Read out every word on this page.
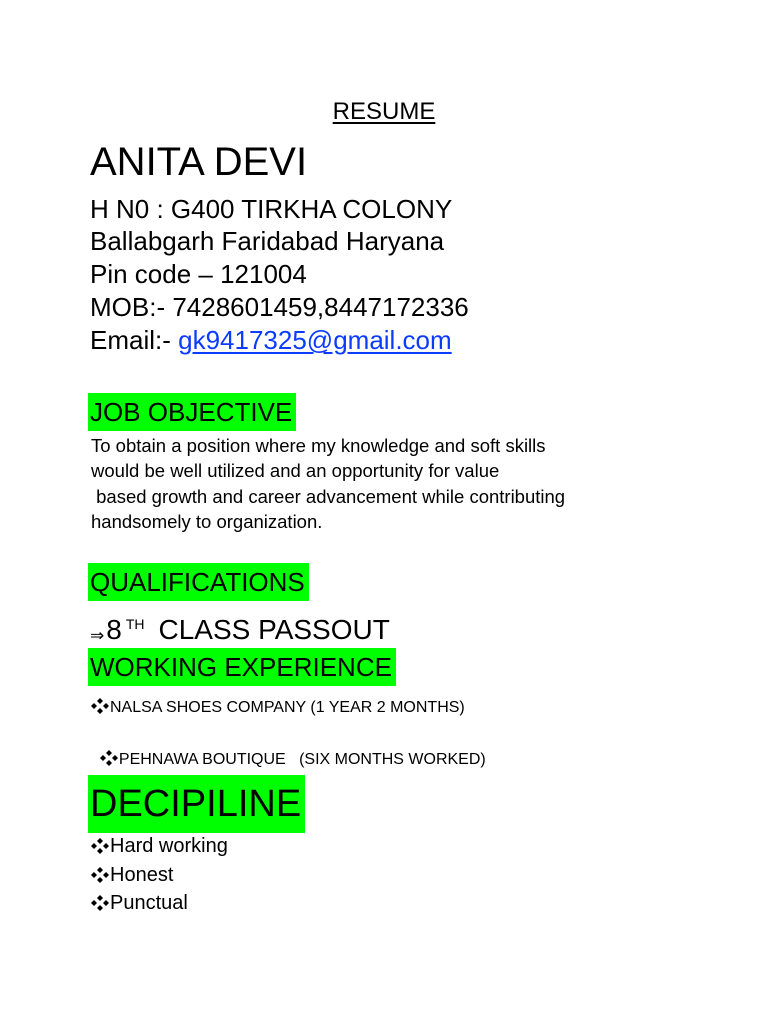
RESUME
ANITA DEVI
H N0 : G400 TIRKHA COLONY
Ballabgarh Faridabad Haryana
Pin code – 121004
MOB:- 7428601459,8447172336
Email:- gk9417325@gmail.com
JOB OBJECTIVE
To obtain a position where my knowledge and soft skills
would be well utilized and an opportunity for value
based growth and career advancement while contributing
handsomely to organization.
QUALIFICATIONS
⇒8 $^{TH}$ CLASS PASSOUT
WORKING EXPERIENCE
NALSA SHOES COMPANY (1 YEAR 2 MONTHS)

PEHNAWA BOUTIQUE   (SIX MONTHS WORKED)

DECIPILINE
Hard working
Honest
Punctual
